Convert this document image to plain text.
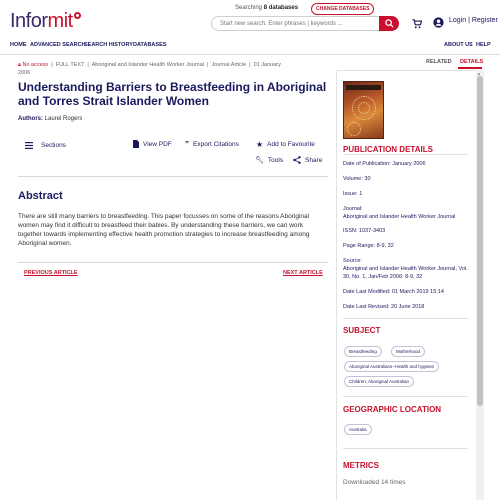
Informit
Searching 8 databases	CHANGE DATABASES
Start new search. Enter phrases | keywords ...	Login | Register
HOME ADVANCED SEARCH
SEARCH HISTORY DATABASES	ABOUT US HELP
🔒︎ No access  |  FULL TEXT  |  Aboriginal and Islander Health Worker Journal  |  Journal Article  |  01 January
2006
Understanding Barriers to Breastfeeding in Aboriginal and Torres Strait Islander Women
Authors: Laurel Rogers
Sections	View PDF ” Export Citations ★ Add to Favourite
🔧︎ Tools	Share
Abstract
There are still many barriers to breastfeeding. This paper focusses on some of the reasons Aboriginal women may find it difficult to breastfeed their babies. By understanding these barriers, we can work together towards implementing effective health promotion strategies to increase breastfeeding among Aboriginal women.
PREVIOUS ARTICLE	NEXT ARTICLE
RELATED DETAILS
▲
PUBLICATION DETAILS
Date of Publication: January 2006
Volume: 30
Issue: 1
Journal:
Aboriginal and Islander Health Worker Journal
ISSN: 1037-3403
Page Range: 8-9, 32
Source:
Aboriginal and Islander Health Worker Journal, Vol. 30, No. 1, Jan/Feb 2006: 8-9, 32
Date Last Modified: 01 March 2019 15:14
Date Last Revised: 20 June 2018
SUBJECT
Breastfeeding	Motherhood
Aboriginal Australians--Health and hygiene
Children, Aboriginal Australian
GEOGRAPHIC LOCATION
Australia
METRICS
Downloaded 14 times
